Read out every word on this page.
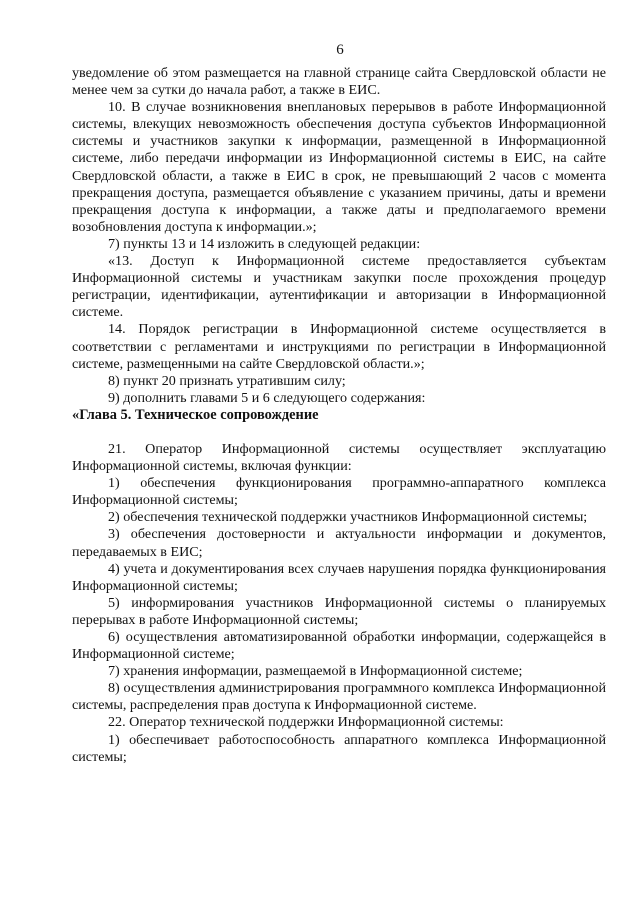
6

уведомление об этом размещается на главной странице сайта Свердловской области не менее чем за сутки до начала работ, а также в ЕИС.

10. В случае возникновения внеплановых перерывов в работе Информационной системы, влекущих невозможность обеспечения доступа субъектов Информационной системы и участников закупки к информации, размещенной в Информационной системе, либо передачи информации из Информационной системы в ЕИС, на сайте Свердловской области, а также в ЕИС в срок, не превышающий 2 часов с момента прекращения доступа, размещается объявление с указанием причины, даты и времени прекращения доступа к информации, а также даты и предполагаемого времени возобновления доступа к информации.»;

7) пункты 13 и 14 изложить в следующей редакции:

«13. Доступ к Информационной системе предоставляется субъектам Информационной системы и участникам закупки после прохождения процедур регистрации, идентификации, аутентификации и авторизации в Информационной системе.

14. Порядок регистрации в Информационной системе осуществляется в соответствии с регламентами и инструкциями по регистрации в Информационной системе, размещенными на сайте Свердловской области.»;

8) пункт 20 признать утратившим силу;

9) дополнить главами 5 и 6 следующего содержания:

«Глава 5. Техническое сопровождение

21. Оператор Информационной системы осуществляет эксплуатацию Информационной системы, включая функции:

1) обеспечения функционирования программно-аппаратного комплекса Информационной системы;

2) обеспечения технической поддержки участников Информационной системы;

3) обеспечения достоверности и актуальности информации и документов, передаваемых в ЕИС;

4) учета и документирования всех случаев нарушения порядка функционирования Информационной системы;

5) информирования участников Информационной системы о планируемых перерывах в работе Информационной системы;

6) осуществления автоматизированной обработки информации, содержащейся в Информационной системе;

7) хранения информации, размещаемой в Информационной системе;

8) осуществления администрирования программного комплекса Информационной системы, распределения прав доступа к Информационной системе.

22. Оператор технической поддержки Информационной системы:

1) обеспечивает работоспособность аппаратного комплекса Информационной системы;
